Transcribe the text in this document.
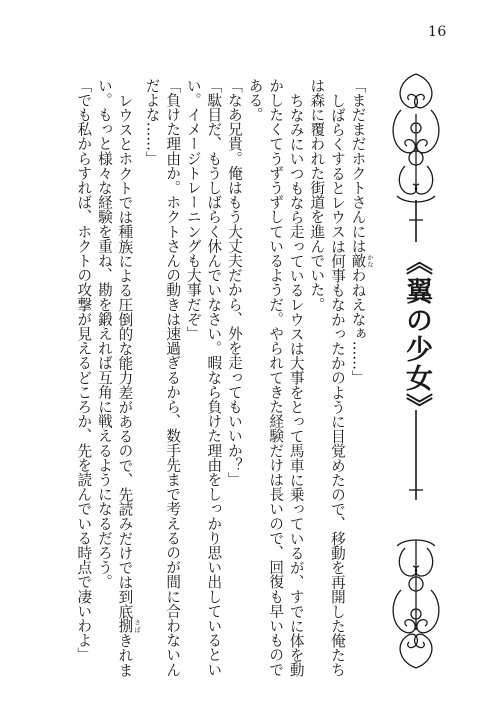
16
《翼の少女》

「まだまだホクトさんには敵 かなわねえなぁ……」

しばらくするとレウスは何事もなかったかのように目覚めたので、移動を再開した俺たちは森に覆われた街道を進んでいた。

ちなみにいつもなら走っているレウスは大事をとって馬車に乗っているが、すでに体を動かしたくてうずうずしているようだ。やられてきた経験だけは長いので、回復も早いものである。

「なあ兄貴。俺はもう大丈夫だから、外を走ってもいいか？」

「駄目だ、もうしばらく休んでいなさい。暇なら負けた理由をしっかり思い出しているといい。イメージトレーニングも大事だぞ」

「負けた理由か。ホクトさんの動きは速過ぎるから、数手先まで考えるのが間に合わないんだよな……」

レウスとホクトでは種族による圧倒的な能力差があるので、先読みだけでは到底捌 さばきれまい。もっと様々な経験を重ね、勘を鍛えれば互角に戦えるようになるだろう。

「でも私からすれば、ホクトの攻撃が見えるどころか、先を読んでいる時点で凄いわよ」
